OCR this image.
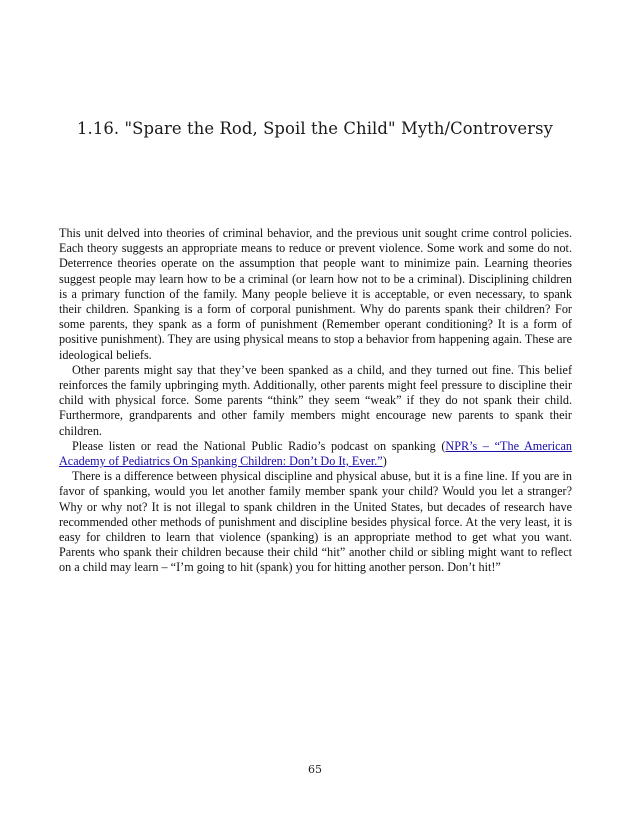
1.16. "Spare the Rod, Spoil the Child" Myth/Controversy

This unit delved into theories of criminal behavior, and the previous unit sought crime control policies. Each theory suggests an appropriate means to reduce or prevent violence. Some work and some do not. Deterrence theories operate on the assumption that people want to minimize pain. Learning theories suggest people may learn how to be a criminal (or learn how not to be a criminal). Disciplining children is a primary function of the family. Many people believe it is acceptable, or even necessary, to spank their children. Spanking is a form of corporal punishment. Why do parents spank their children? For some parents, they spank as a form of punishment (Remember operant conditioning? It is a form of positive punishment). They are using physical means to stop a behavior from happening again. These are ideological beliefs.

Other parents might say that they’ve been spanked as a child, and they turned out fine. This belief reinforces the family upbringing myth. Additionally, other parents might feel pressure to discipline their child with physical force. Some parents “think” they seem “weak” if they do not spank their child. Furthermore, grandparents and other family members might encourage new parents to spank their children.

Please listen or read the National Public Radio’s podcast on spanking (NPR’s – “The American Academy of Pediatrics On Spanking Children: Don’t Do It, Ever.”)

There is a difference between physical discipline and physical abuse, but it is a fine line. If you are in favor of spanking, would you let another family member spank your child? Would you let a stranger? Why or why not? It is not illegal to spank children in the United States, but decades of research have recommended other methods of punishment and discipline besides physical force. At the very least, it is easy for children to learn that violence (spanking) is an appropriate method to get what you want. Parents who spank their children because their child “hit” another child or sibling might want to reflect on a child may learn – “I’m going to hit (spank) you for hitting another person. Don’t hit!”

65
